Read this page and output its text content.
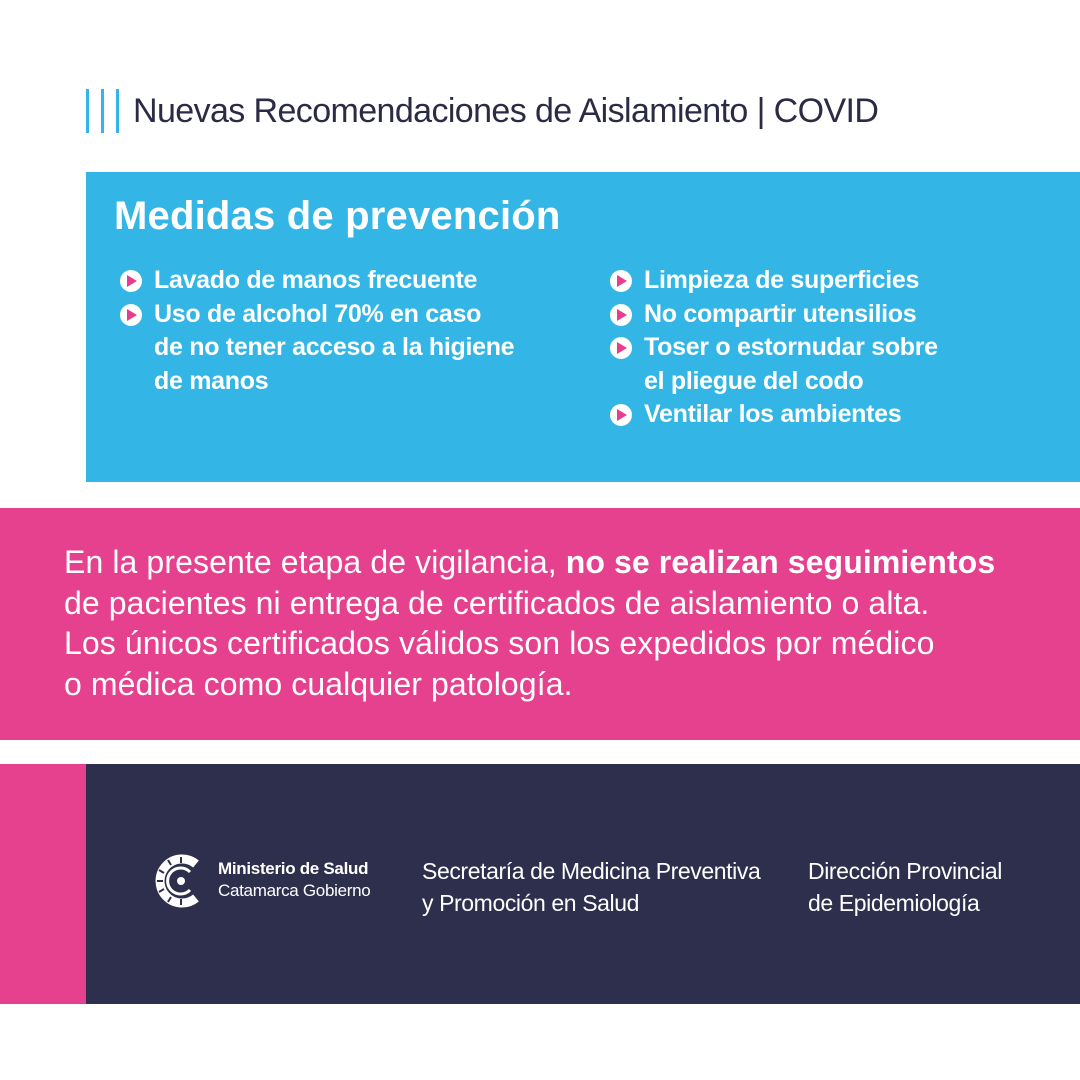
Nuevas Recomendaciones de Aislamiento | COVID
Medidas de prevención
Lavado de manos frecuente
Uso de alcohol 70% en caso
de no tener acceso a la higiene
de manos
Limpieza de superficies
No compartir utensilios
Toser o estornudar sobre
el pliegue del codo
Ventilar los ambientes

En la presente etapa de vigilancia, no se realizan seguimientos
de pacientes ni entrega de certificados de aislamiento o alta.
Los únicos certificados válidos son los expedidos por médico
o médica como cualquier patología.

Ministerio de Salud
Catamarca Gobierno
Secretaría de Medicina Preventiva
y Promoción en Salud
Dirección Provincial
de Epidemiología
